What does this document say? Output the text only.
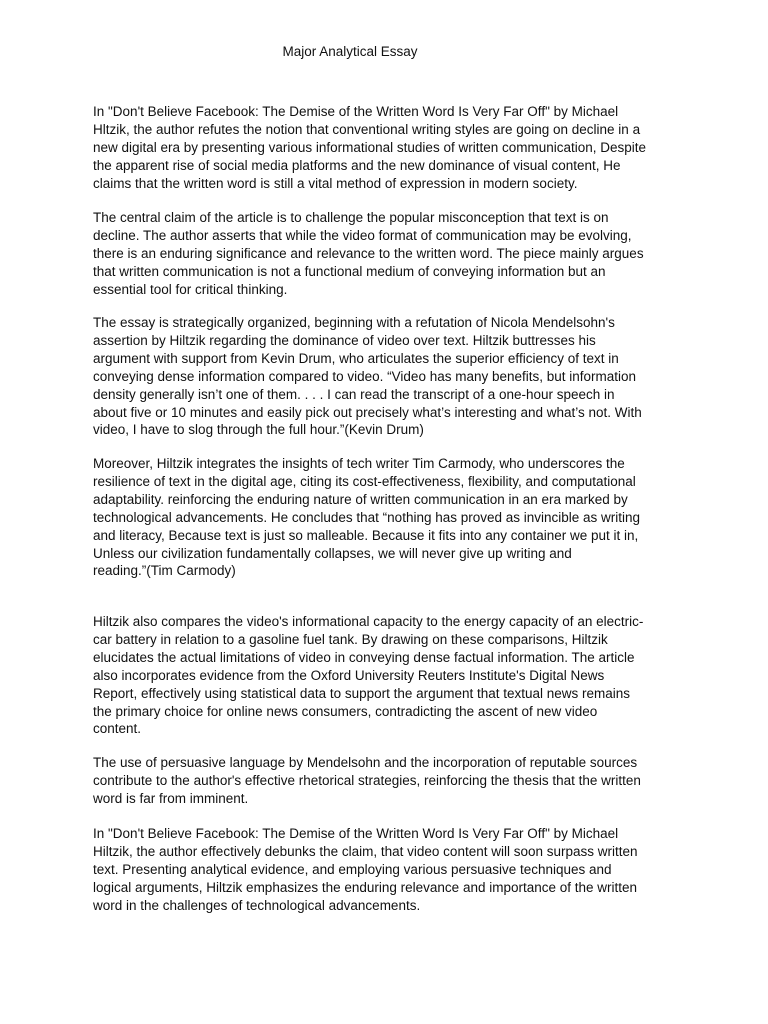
Major Analytical Essay

In "Don't Believe Facebook: The Demise of the Written Word Is Very Far Off" by Michael
Hltzik, the author refutes the notion that conventional writing styles are going on decline in a
new digital era by presenting various informational studies of written communication, Despite
the apparent rise of social media platforms and the new dominance of visual content, He
claims that the written word is still a vital method of expression in modern society.

The central claim of the article is to challenge the popular misconception that text is on
decline. The author asserts that while the video format of communication may be evolving,
there is an enduring significance and relevance to the written word. The piece mainly argues
that written communication is not a functional medium of conveying information but an
essential tool for critical thinking.

The essay is strategically organized, beginning with a refutation of Nicola Mendelsohn's
assertion by Hiltzik regarding the dominance of video over text. Hiltzik buttresses his
argument with support from Kevin Drum, who articulates the superior efficiency of text in
conveying dense information compared to video. “Video has many benefits, but information
density generally isn’t one of them. . . . I can read the transcript of a one-hour speech in
about five or 10 minutes and easily pick out precisely what’s interesting and what’s not. With
video, I have to slog through the full hour.”(Kevin Drum)

Moreover, Hiltzik integrates the insights of tech writer Tim Carmody, who underscores the
resilience of text in the digital age, citing its cost-effectiveness, flexibility, and computational
adaptability. reinforcing the enduring nature of written communication in an era marked by
technological advancements. He concludes that “nothing has proved as invincible as writing
and literacy, Because text is just so malleable. Because it fits into any container we put it in,
Unless our civilization fundamentally collapses, we will never give up writing and
reading.”(Tim Carmody)

Hiltzik also compares the video's informational capacity to the energy capacity of an electric-
car battery in relation to a gasoline fuel tank. By drawing on these comparisons, Hiltzik
elucidates the actual limitations of video in conveying dense factual information. The article
also incorporates evidence from the Oxford University Reuters Institute's Digital News
Report, effectively using statistical data to support the argument that textual news remains
the primary choice for online news consumers, contradicting the ascent of new video
content.

The use of persuasive language by Mendelsohn and the incorporation of reputable sources
contribute to the author's effective rhetorical strategies, reinforcing the thesis that the written
word is far from imminent.

In "Don't Believe Facebook: The Demise of the Written Word Is Very Far Off" by Michael
Hiltzik, the author effectively debunks the claim, that video content will soon surpass written
text. Presenting analytical evidence, and employing various persuasive techniques and
logical arguments, Hiltzik emphasizes the enduring relevance and importance of the written
word in the challenges of technological advancements.
